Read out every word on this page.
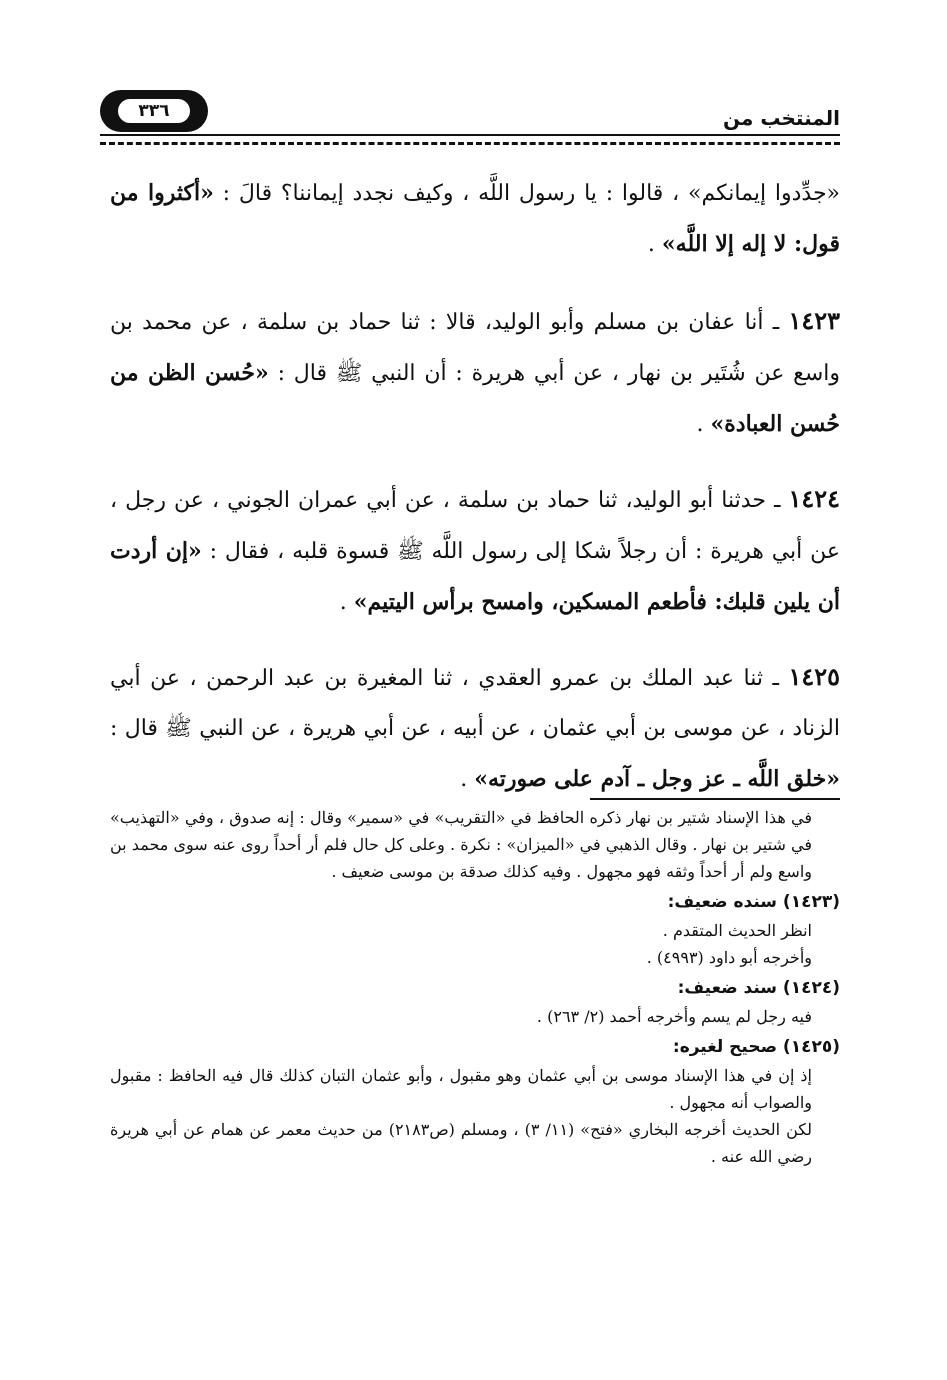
المنتخب من
٣٣٦

«جدِّدوا إيمانكم» ، قالوا : يا رسول اللَّه ، وكيف نجدد إيماننا؟ قالَ : «أكثروا من قول: لا إله إلا اللَّه» .

١٤٢٣ ـ أنا عفان بن مسلم وأبو الوليد، قالا : ثنا حماد بن سلمة ، عن محمد بن واسع عن شُتَير بن نهار ، عن أبي هريرة : أن النبي ﷺ قال : «حُسن الظن من حُسن العبادة» .

١٤٢٤ ـ حدثنا أبو الوليد، ثنا حماد بن سلمة ، عن أبي عمران الجوني ، عن رجل ، عن أبي هريرة : أن رجلاً شكا إلى رسول اللَّه ﷺ قسوة قلبه ، فقال : «إن أردت أن يلين قلبك: فأطعم المسكين، وامسح برأس اليتيم» .

١٤٢٥ ـ ثنا عبد الملك بن عمرو العقدي ، ثنا المغيرة بن عبد الرحمن ، عن أبي الزناد ، عن موسى بن أبي عثمان ، عن أبيه ، عن أبي هريرة ، عن النبي ﷺ قال : «خلق اللَّه ـ عز وجل ـ آدم على صورته» .

في هذا الإسناد شتير بن نهار ذكره الحافظ في «التقريب» في «سمير» وقال : إنه صدوق ، وفي «التهذيب» في شتير بن نهار . وقال الذهبي في «الميزان» : نكرة . وعلى كل حال فلم أر أحداً روى عنه سوى محمد بن واسع ولم أر أحداً وثقه فهو مجهول . وفيه كذلك صدقة بن موسى ضعيف .

(١٤٢٣) سنده ضعيف:

انظر الحديث المتقدم .

وأخرجه أبو داود (٤٩٩٣) .

(١٤٢٤) سند ضعيف:

فيه رجل لم يسم وأخرجه أحمد (٢/ ٢٦٣) .

(١٤٢٥) صحيح لغيره:

إذ إن في هذا الإسناد موسى بن أبي عثمان وهو مقبول ، وأبو عثمان التبان كذلك قال فيه الحافظ : مقبول والصواب أنه مجهول .

لكن الحديث أخرجه البخاري «فتح» (١١/ ٣) ، ومسلم (ص٢١٨٣) من حديث معمر عن همام عن أبي هريرة رضي الله عنه .
